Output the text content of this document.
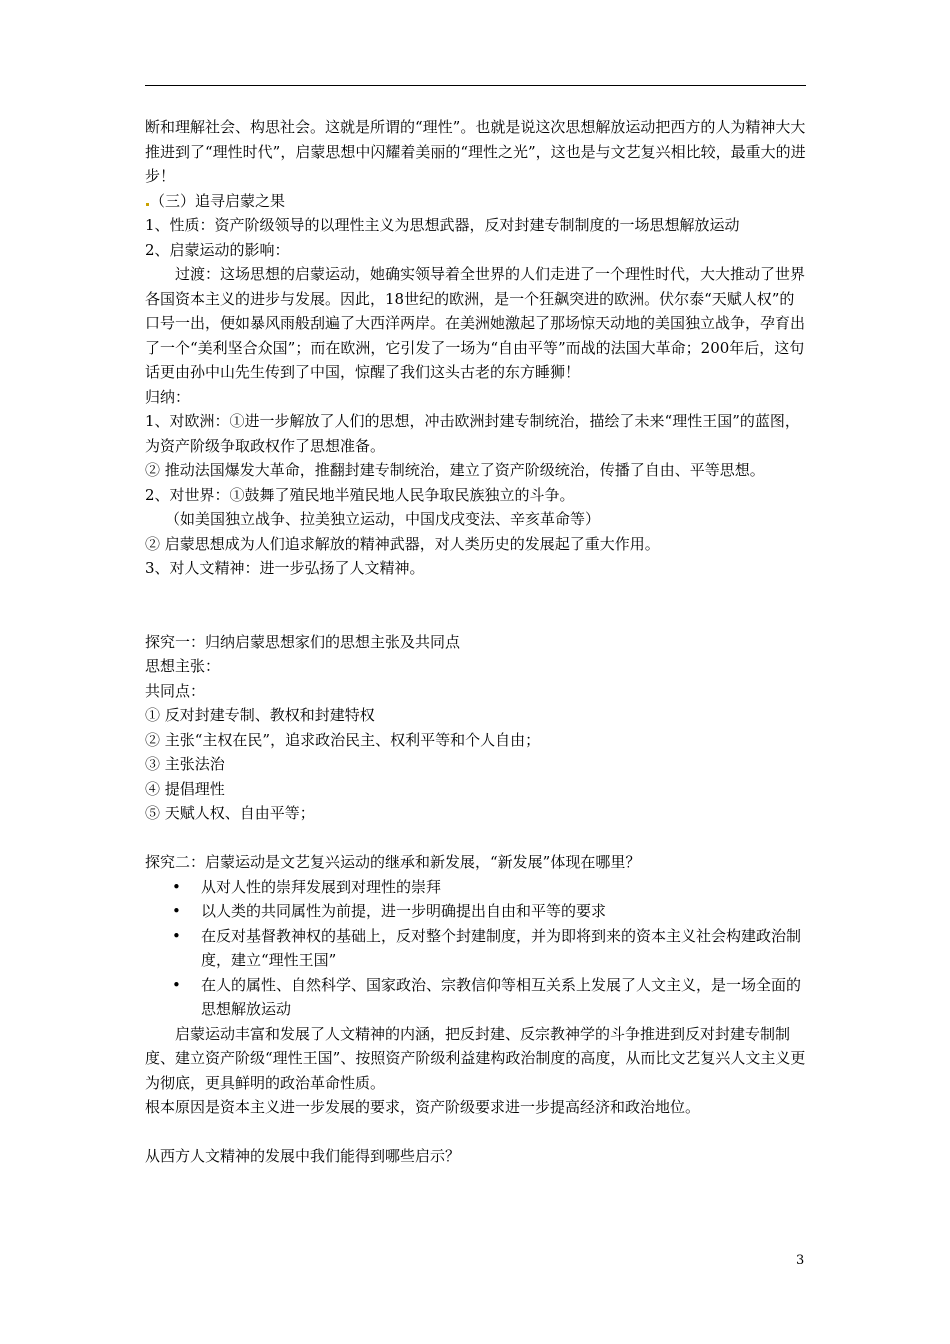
断和理解社会、构思社会。这就是所谓的“理性”。也就是说这次思想解放运动把西方的人为精神大大推进到了“理性时代”，启蒙思想中闪耀着美丽的“理性之光”，这也是与文艺复兴相比较，最重大的进步！

（三）追寻启蒙之果

1、性质：资产阶级领导的以理性主义为思想武器，反对封建专制制度的一场思想解放运动

2、启蒙运动的影响：

过渡：这场思想的启蒙运动，她确实领导着全世界的人们走进了一个理性时代，大大推动了世界各国资本主义的进步与发展。因此，18世纪的欧洲，是一个狂飙突进的欧洲。伏尔泰“天赋人权”的口号一出，便如暴风雨般刮遍了大西洋两岸。在美洲她激起了那场惊天动地的美国独立战争，孕育出了一个“美利坚合众国”；而在欧洲，它引发了一场为“自由平等”而战的法国大革命；200年后，这句话更由孙中山先生传到了中国，惊醒了我们这头古老的东方睡狮！

归纳：

1、对欧洲：①进一步解放了人们的思想，冲击欧洲封建专制统治，描绘了未来“理性王国”的蓝图，为资产阶级争取政权作了思想准备。

② 推动法国爆发大革命，推翻封建专制统治，建立了资产阶级统治，传播了自由、平等思想。

2、对世界：①鼓舞了殖民地半殖民地人民争取民族独立的斗争。

（如美国独立战争、拉美独立运动，中国戊戌变法、辛亥革命等）

② 启蒙思想成为人们追求解放的精神武器，对人类历史的发展起了重大作用。

3、对人文精神：进一步弘扬了人文精神。

探究一：归纳启蒙思想家们的思想主张及共同点

思想主张：

共同点：

① 反对封建专制、教权和封建特权

② 主张“主权在民”，追求政治民主、权利平等和个人自由；

③ 主张法治

④ 提倡理性

⑤ 天赋人权、自由平等；

探究二：启蒙运动是文艺复兴运动的继承和新发展，“新发展”体现在哪里？

• 从对人性的崇拜发展到对理性的崇拜
• 以人类的共同属性为前提，进一步明确提出自由和平等的要求
• 在反对基督教神权的基础上，反对整个封建制度，并为即将到来的资本主义社会构建政治制度，建立“理性王国”
• 在人的属性、自然科学、国家政治、宗教信仰等相互关系上发展了人文主义，是一场全面的思想解放运动

启蒙运动丰富和发展了人文精神的内涵，把反封建、反宗教神学的斗争推进到反对封建专制制度、建立资产阶级“理性王国”、按照资产阶级利益建构政治制度的高度，从而比文艺复兴人文主义更为彻底，更具鲜明的政治革命性质。

根本原因是资本主义进一步发展的要求，资产阶级要求进一步提高经济和政治地位。

从西方人文精神的发展中我们能得到哪些启示？

3
